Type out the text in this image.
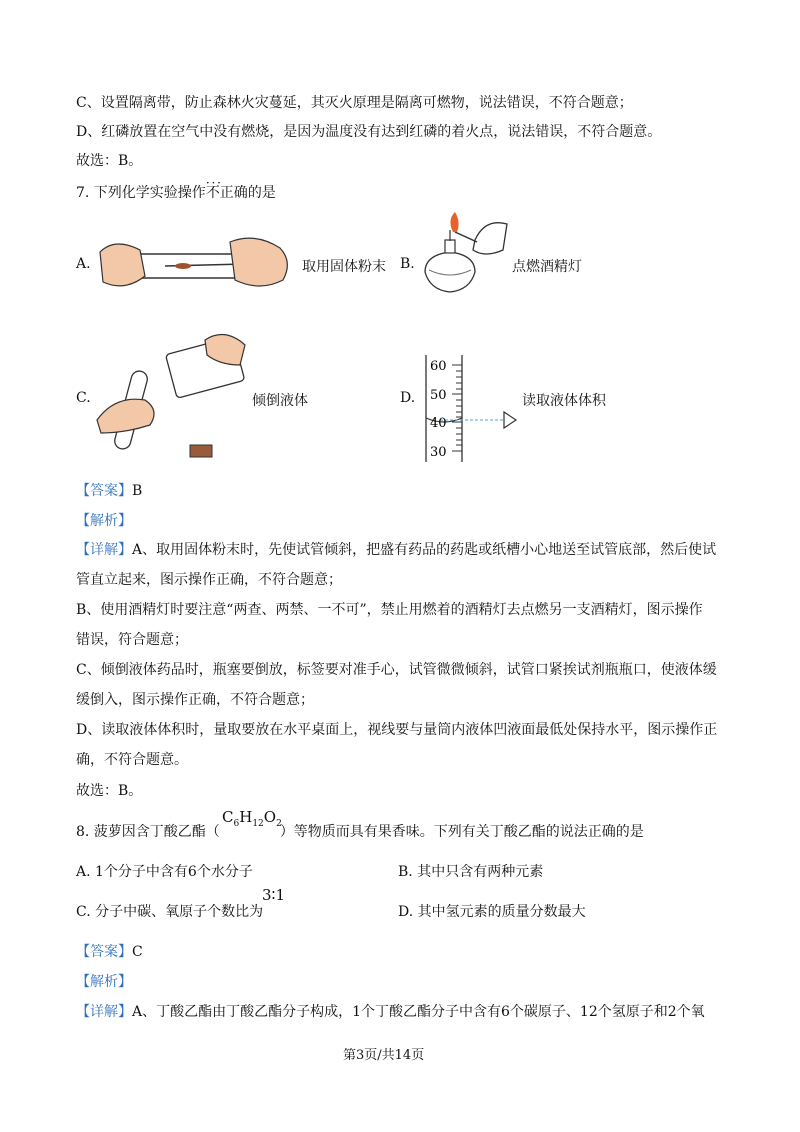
C、设置隔离带，防止森林火灾蔓延，其灭火原理是隔离可燃物，说法错误，不符合题意；
D、红磷放置在空气中没有燃烧，是因为温度没有达到红磷的着火点，说法错误，不符合题意。
故选：B。
7. 下列化学实验操作· · · 不正确的是
A.	取用固体粉末 B.	点燃酒精灯
C.	倾倒液体	D.
60
50
40
30
读取液体体积
【答案】B
【解析】
【详解】A、取用固体粉末时，先使试管倾斜，把盛有药品的药匙或纸槽小心地送至试管底部，然后使试
管直立起来，图示操作正确，不符合题意；
B、使用酒精灯时要注意“两查、两禁、一不可”，禁止用燃着的酒精灯去点燃另一支酒精灯，图示操作
错误，符合题意；
C、倾倒液体药品时，瓶塞要倒放，标签要对准手心，试管微微倾斜，试管口紧挨试剂瓶瓶口，使液体缓
缓倒入，图示操作正确，不符合题意；
D、读取液体体积时，量取要放在水平桌面上，视线要与量筒内液体凹液面最低处保持水平，图示操作正
确，不符合题意。
故选：B。
8. 菠萝因含丁酸乙酯（	）等物质而具有果香味。下列有关丁酸乙酯的说法正确的是
$C_6H_{12}O_2$
A. 1个分子中含有6个水分子	B. 其中只含有两种元素
C. 分子中碳、氧原子个数比为
3∶1
D. 其中氢元素的质量分数最大
【答案】C
【解析】
【详解】A、丁酸乙酯由丁酸乙酯分子构成，1个丁酸乙酯分子中含有6个碳原子、12个氢原子和2个氧
第3页/共14页
